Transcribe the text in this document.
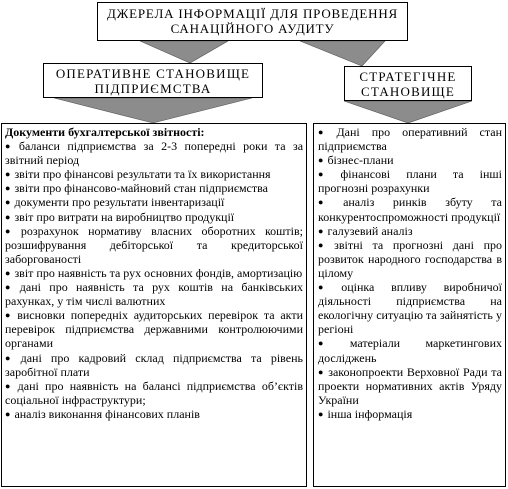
ДЖЕРЕЛА ІНФОРМАЦІЇ ДЛЯ ПРОВЕДЕННЯ
САНАЦІЙНОГО АУДИТУ
ОПЕРАТИВНЕ СТАНОВИЩЕ
ПІДПРИЄМСТВА
СТРАТЕГІЧНЕ
СТАНОВИЩЕ
Документи бухгалтерської звітності:
● баланси підприємства за 2-3 попередні роки та за звітний період
● звіти про фінансові результати та їх використання
● звіти про фінансово-майновий стан підприємства
● документи про результати інвентаризації
● звіт про витрати на виробництво продукції
● розрахунок нормативу власних оборотних коштів; розшифрування дебіторської та кредиторської заборгованості
● звіт про наявність та рух основних фондів, амортизацію
● дані про наявність та рух коштів на банківських рахунках, у тім числі валютних
● висновки попередніх аудиторських перевірок та акти перевірок підприємства державними контролюючими органами
● дані про кадровий склад підприємства та рівень заробітної плати
● дані про наявність на балансі підприємства об’єктів соціальної інфраструктури;
● аналіз виконання фінансових планів
● Дані про оперативний стан підприємства
● бізнес-плани
● фінансові плани та інші прогнозні розрахунки
● аналіз ринків збуту та конкурентоспроможності продукції
● галузевий аналіз
● звітні та прогнозні дані про розвиток народного господарства в цілому
● оцінка впливу виробничої діяльності підприємства на екологічну ситуацію та зайнятість у регіоні
● матеріали маркетингових досліджень
● законопроекти Верховної Ради та проекти нормативних актів Уряду України
● інша інформація
